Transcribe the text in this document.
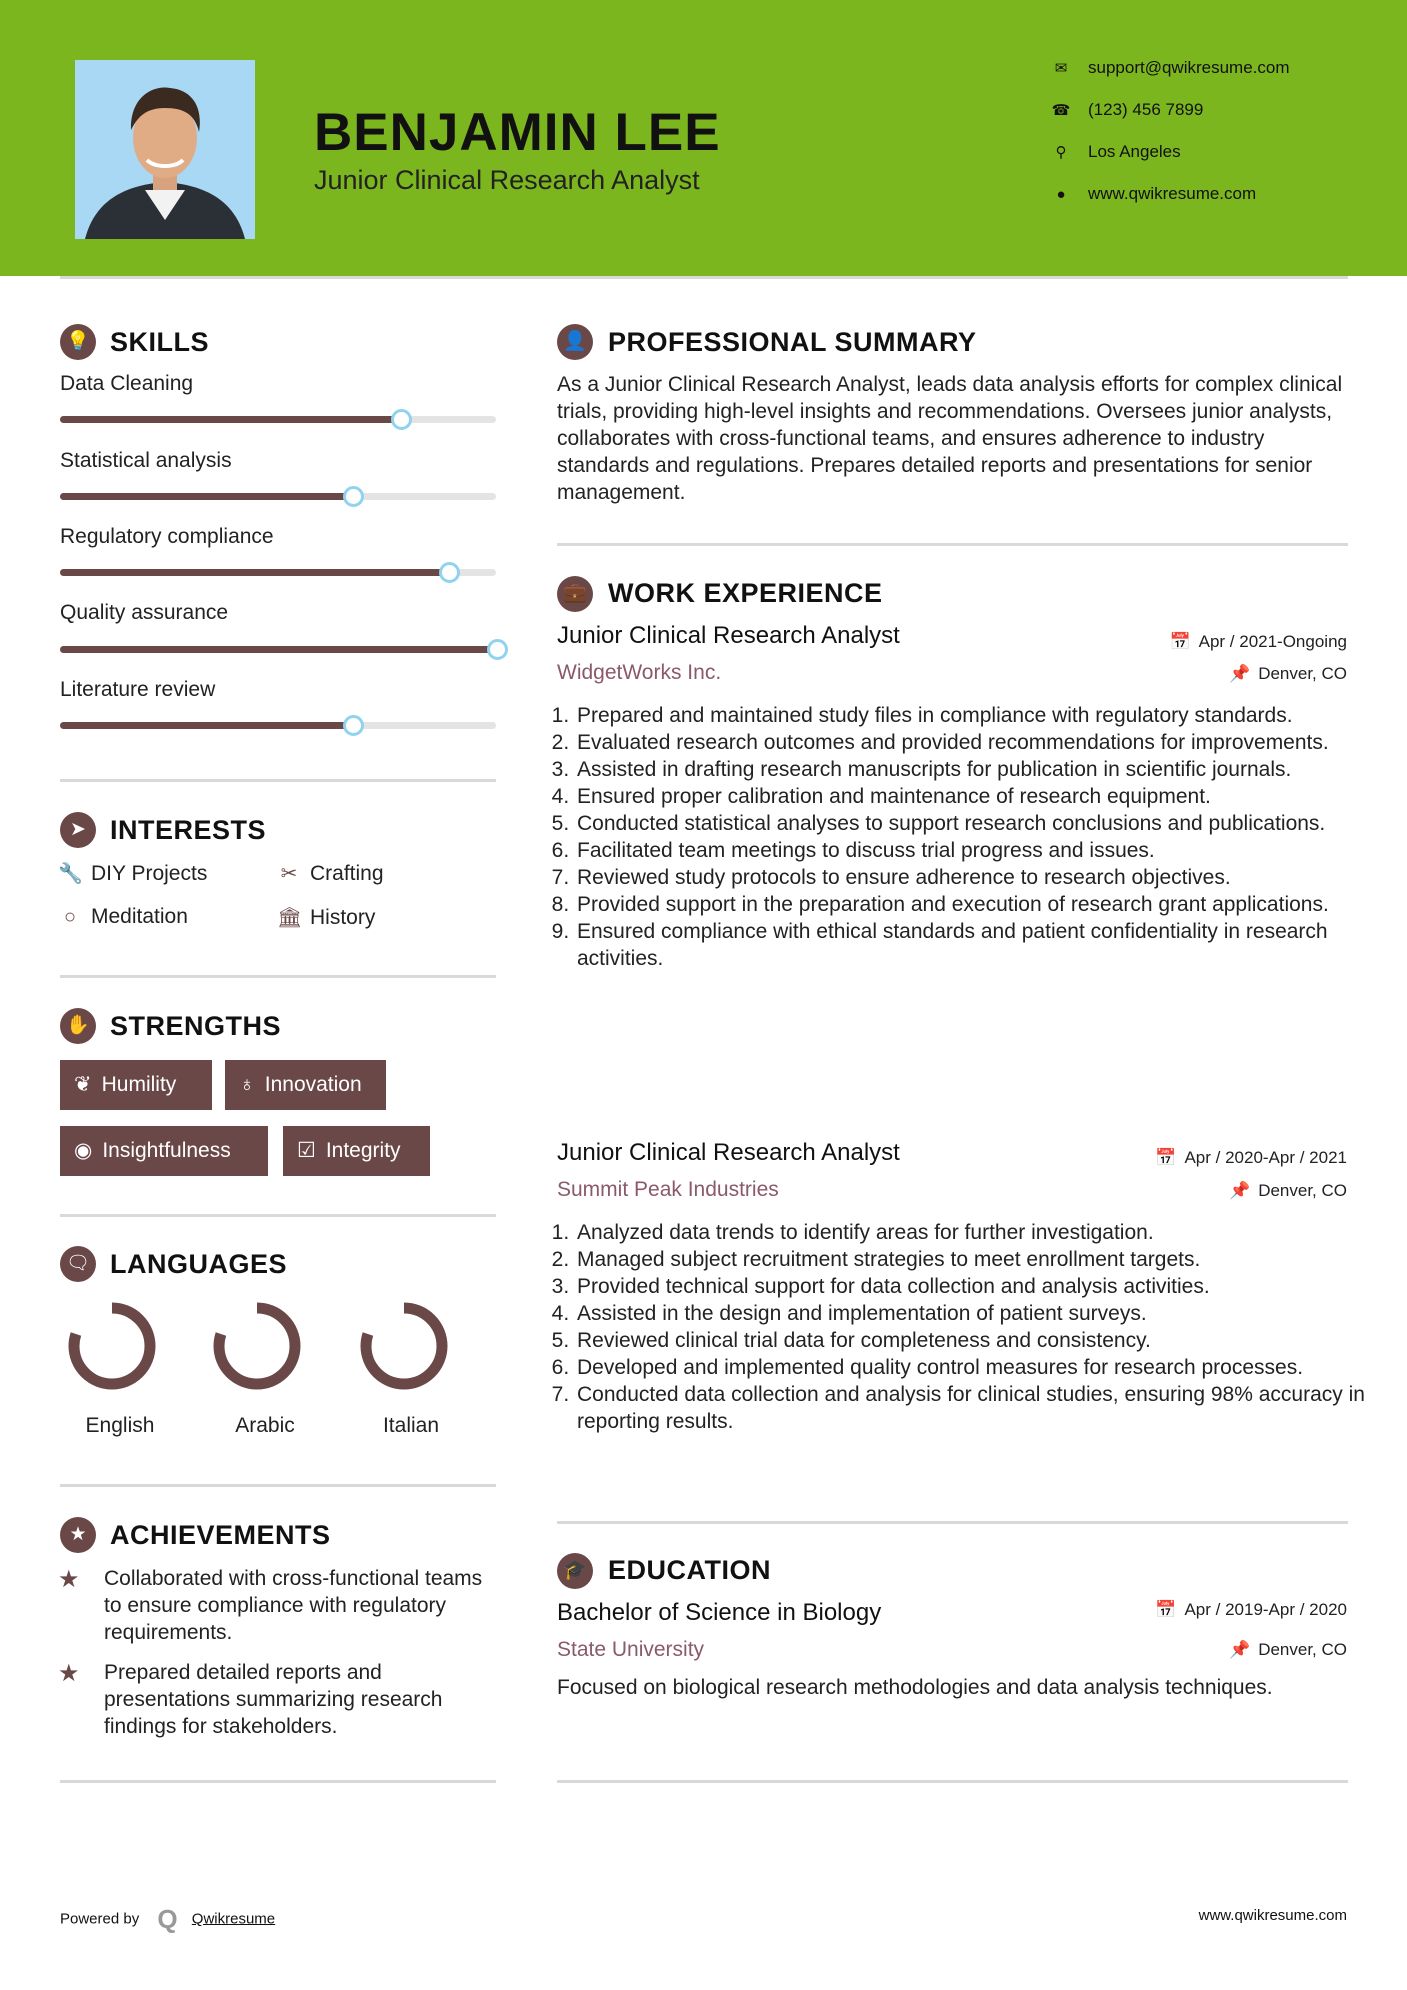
BENJAMIN LEE
Junior Clinical Research Analyst
✉ support@qwikresume.com
☎ (123) 456 7899
⚲ Los Angeles
● www.qwikresume.com
💡 SKILLS
Data Cleaning
Statistical analysis
Regulatory compliance
Quality assurance
Literature review
➤ INTERESTS
🔧 DIY Projects	✂ Crafting
○ Meditation	🏛 History
✋ STRENGTHS
❦ Humility	♁ Innovation
◉ Insightfulness	☑ Integrity
🗨 LANGUAGES
English	Arabic	Italian
★ ACHIEVEMENTS
★ Collaborated with cross-functional teams to ensure compliance with regulatory requirements.
★ Prepared detailed reports and presentations summarizing research findings for stakeholders.
👤 PROFESSIONAL SUMMARY
As a Junior Clinical Research Analyst, leads data analysis efforts for complex clinical trials, providing high-level insights and recommendations. Oversees junior analysts, collaborates with cross-functional teams, and ensures adherence to industry standards and regulations. Prepares detailed reports and presentations for senior management.
💼 WORK EXPERIENCE
Junior Clinical Research Analyst	📅 Apr / 2021-Ongoing
WidgetWorks Inc.	📌 Denver, CO
1. Prepared and maintained study files in compliance with regulatory standards.
2. Evaluated research outcomes and provided recommendations for improvements.
3. Assisted in drafting research manuscripts for publication in scientific journals.
4. Ensured proper calibration and maintenance of research equipment.
5. Conducted statistical analyses to support research conclusions and publications.
6. Facilitated team meetings to discuss trial progress and issues.
7. Reviewed study protocols to ensure adherence to research objectives.
8. Provided support in the preparation and execution of research grant applications.
9. Ensured compliance with ethical standards and patient confidentiality in research activities.
Junior Clinical Research Analyst	📅 Apr / 2020-Apr / 2021
Summit Peak Industries	📌 Denver, CO
1. Analyzed data trends to identify areas for further investigation.
2. Managed subject recruitment strategies to meet enrollment targets.
3. Provided technical support for data collection and analysis activities.
4. Assisted in the design and implementation of patient surveys.
5. Reviewed clinical trial data for completeness and consistency.
6. Developed and implemented quality control measures for research processes.
7. Conducted data collection and analysis for clinical studies, ensuring 98% accuracy in reporting results.
🎓 EDUCATION
Bachelor of Science in Biology	📅 Apr / 2019-Apr / 2020
State University	📌 Denver, CO
Focused on biological research methodologies and data analysis techniques.
Powered by Q Qwikresume	www.qwikresume.com
